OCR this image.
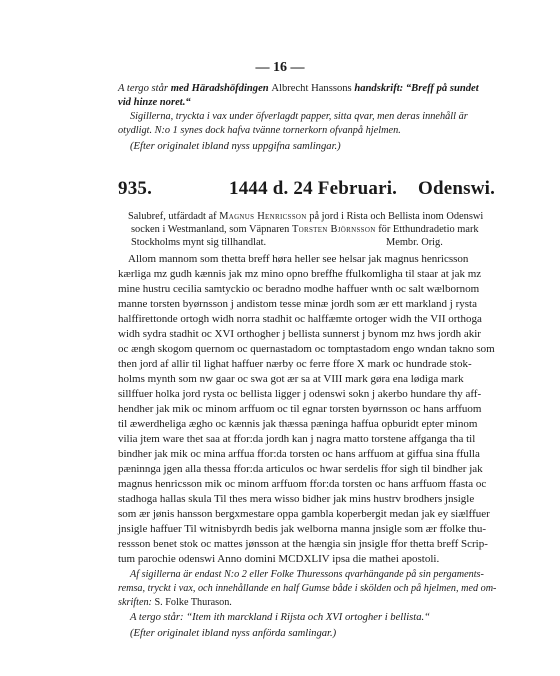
— 16 —
A tergo står med Häradshöfdingen Albrecht Hanssons handskrift: “Breff på sundet
vid hinze noret.“
Sigillerna, tryckta i vax under öfverlagdt papper, sitta qvar, men deras innehåll är
otydligt. N:o 1 synes dock hafva tvänne tornerkorn ofvanpå hjelmen.
(Efter originalet ibland nyss uppgifna samlingar.)
935.	1444 d. 24 Februari. Odenswi.
Salubref, utfärdadt af Magnus Henricsson på jord i Rista och Bellista inom Odenswi
socken i Westmanland, som Väpnaren Torsten Björnsson för Etthundradetio mark
Stockholms mynt sig tillhandlat.	Membr. Orig.
Allom mannom som thetta breff høra heller see helsar jak magnus henricsson
kærliga mz gudh kænnis jak mz mino opno breffhe ffulkomligha til staar at jak mz
mine hustru cecilia samtyckio oc beradno modhe haffuer wnth oc salt wælbornom
manne torsten byørnsson j andistom tesse minæ jordh som ær ett markland j rysta
halffirettonde ortogh widh norra stadhit oc halffæmte ortoger widh the VII orthoga
widh sydra stadhit oc XVI orthogher j bellista sunnerst j bynom mz hws jordh akir
oc ængh skogom quernom oc quernastadom oc tomptastadom engo wndan takno som
then jord af allir til lighat haffuer nærby oc ferre ffore X mark oc hundrade stok-
holms mynth som nw gaar oc swa got ær sa at VIII mark gøra ena lødiga mark
sillffuer holka jord rysta oc bellista ligger j odenswi sokn j akerbo hundare thy aff-
hendher jak mik oc minom arffuom oc til egnar torsten byørnsson oc hans arffuom
til æwerdheliga ægho oc kænnis jak thæssa pæninga haffua opburidt epter minom
vilia jtem ware thet saa at ffor:da jordh kan j nagra matto torstene affganga tha til
bindher jak mik oc mina arffua ffor:da torsten oc hans arffuom at giffua sina ffulla
pæninnga jgen alla thessa ffor:da articulos oc hwar serdelis ffor sigh til bindher jak
magnus henricsson mik oc minom arffuom ffor:da torsten oc hans arffuom ffasta oc
stadhoga hallas skula Til thes mera wisso bidher jak mins hustrv brodhers jnsigle
som ær jønis hansson bergxmestare oppa gambla koperbergit medan jak ey siælffuer
jnsigle haffuer Til witnisbyrdh bedis jak welborna manna jnsigle som ær ffolke thu-
ressson benet stok oc mattes jønsson at the hængia sin jnsigle ffor thetta breff Scrip-
tum parochie odenswi Anno domini MCDXLIV ipsa die mathei apostoli.
Af sigillerna är endast N:o 2 eller Folke Thuressons qvarhängande på sin pergaments-
remsa, tryckt i vax, och innehållande en half Gumse både i skölden och på hjelmen, med om-
skriften: S. Folke Thurason.
A tergo står: “Item ith marckland i Rijsta och XVI ortogher i bellista.“
(Efter originalet ibland nyss anförda samlingar.)
